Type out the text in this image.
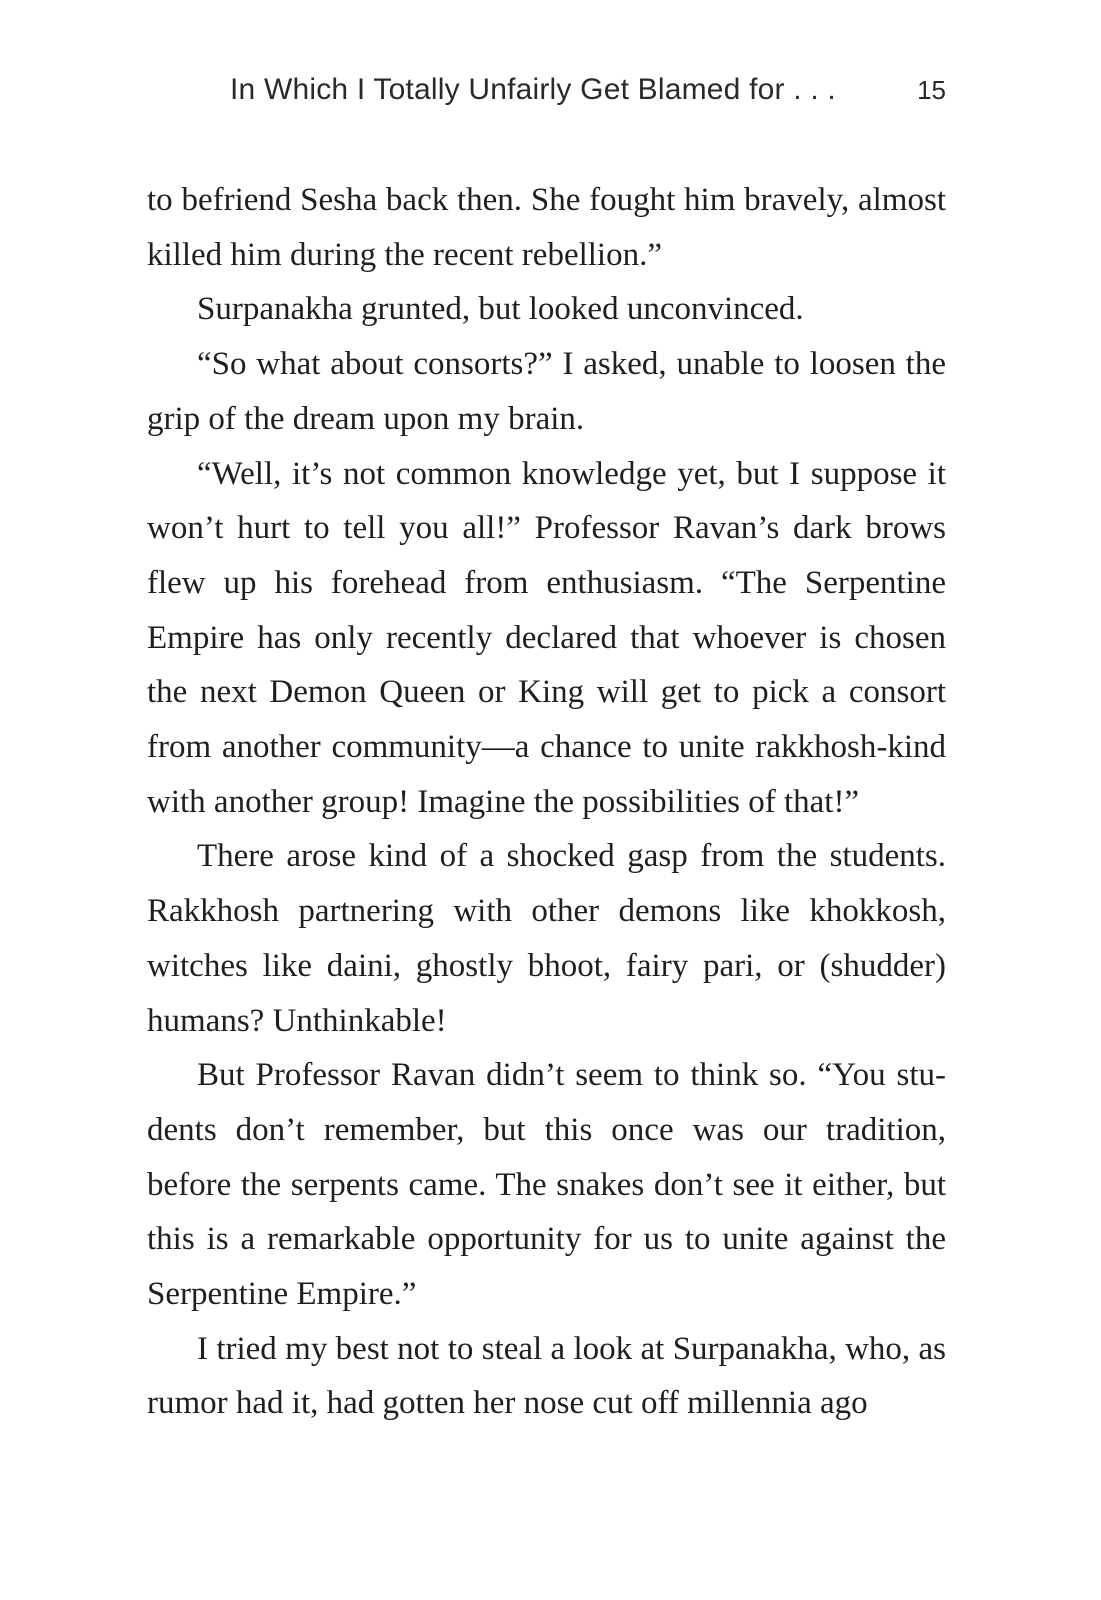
In Which I Totally Unfairly Get Blamed for . . .	15

to befriend Sesha back then. She fought him bravely, almost killed him during the recent rebellion.”

Surpanakha grunted, but looked unconvinced.

“So what about consorts?” I asked, unable to loosen the grip of the dream upon my brain.

“Well, it’s not common knowledge yet, but I suppose it won’t hurt to tell you all!” Professor Ravan’s dark brows flew up his forehead from enthusiasm. “The Serpentine Empire has only recently declared that whoever is chosen the next Demon Queen or King will get to pick a consort from another community—a chance to unite rakkhosh-kind with another group! Imagine the possibilities of that!”

There arose kind of a shocked gasp from the students. Rakkhosh partnering with other demons like khokkosh, witches like daini, ghostly bhoot, fairy pari, or (shudder) humans? Unthinkable!

But Professor Ravan didn’t seem to think so. “You students don’t remember, but this once was our tradition, before the serpents came. The snakes don’t see it either, but this is a remarkable opportunity for us to unite against the Serpentine Empire.”

I tried my best not to steal a look at Surpanakha, who, as rumor had it, had gotten her nose cut off millennia ago
